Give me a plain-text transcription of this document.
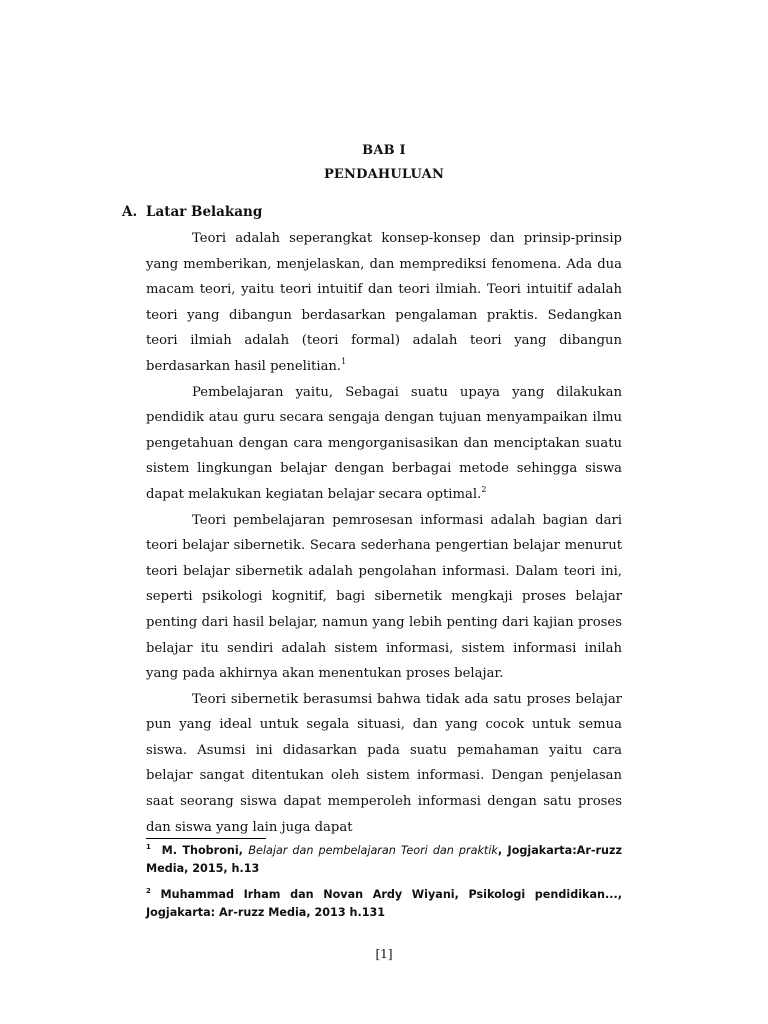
BAB I
PENDAHULUAN
A. Latar Belakang

Teori adalah seperangkat konsep-konsep dan prinsip-prinsip yang memberikan, menjelaskan, dan memprediksi fenomena. Ada dua macam teori, yaitu teori intuitif dan teori ilmiah. Teori intuitif adalah teori yang dibangun berdasarkan pengalaman praktis. Sedangkan teori ilmiah adalah (teori formal) adalah teori yang dibangun berdasarkan hasil penelitian.$^1$

Pembelajaran yaitu, Sebagai suatu upaya yang dilakukan pendidik atau guru secara sengaja dengan tujuan menyampaikan ilmu pengetahuan dengan cara mengorganisasikan dan menciptakan suatu sistem lingkungan belajar dengan berbagai metode sehingga siswa dapat melakukan kegiatan belajar secara optimal.$^2$

Teori pembelajaran pemrosesan informasi adalah bagian dari teori belajar sibernetik. Secara sederhana pengertian belajar menurut teori belajar sibernetik adalah pengolahan informasi. Dalam teori ini, seperti psikologi kognitif, bagi sibernetik mengkaji proses belajar penting dari hasil belajar, namun yang lebih penting dari kajian proses belajar itu sendiri adalah sistem informasi, sistem informasi inilah yang pada akhirnya akan menentukan proses belajar.

Teori sibernetik berasumsi bahwa tidak ada satu proses belajar pun yang ideal untuk segala situasi, dan yang cocok untuk semua siswa. Asumsi ini didasarkan pada suatu pemahaman yaitu cara belajar sangat ditentukan oleh sistem informasi. Dengan penjelasan saat seorang siswa dapat memperoleh informasi dengan satu proses dan siswa yang lain juga dapat

$^1$ M. Thobroni, Belajar dan pembelajaran Teori dan praktik, Jogjakarta:Ar-ruzz Media, 2015, h.13
$^2$ Muhammad Irham dan Novan Ardy Wiyani, Psikologi pendidikan..., Jogjakarta: Ar-ruzz Media, 2013 h.131
[1]
